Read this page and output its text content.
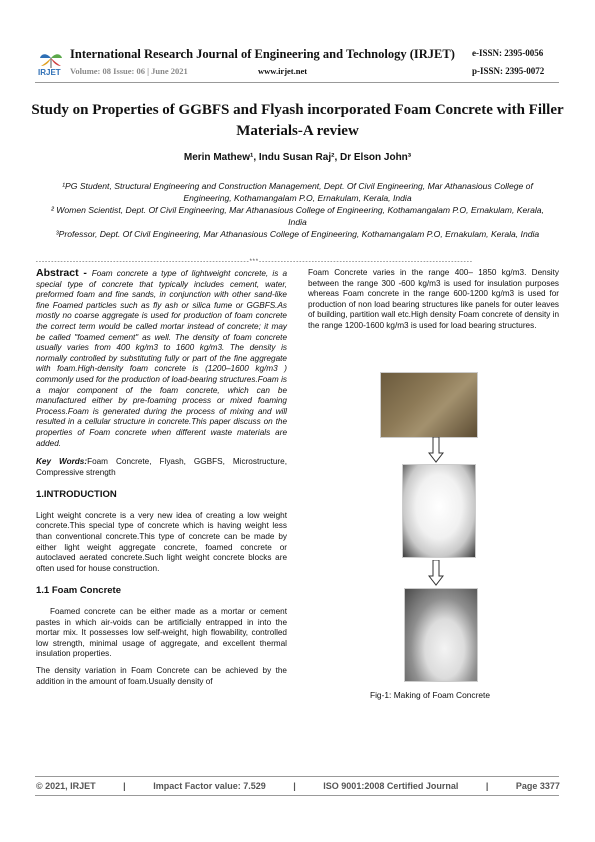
IRJET
International Research Journal of Engineering and Technology (IRJET) e-ISSN: 2395-0056
Volume: 08 Issue: 06 | June 2021	www.irjet.net	p-ISSN: 2395-0072
Study on Properties of GGBFS and Flyash incorporated Foam Concrete with Filler Materials-A review
Merin Mathew¹, Indu Susan Raj², Dr Elson John³

¹PG Student, Structural Engineering and Construction Management, Dept. Of Civil Engineering, Mar Athanasious College of Engineering, Kothamangalam P.O, Ernakulam, Kerala, India

² Women Scientist, Dept. Of Civil Engineering, Mar Athanasious College of Engineering, Kothamangalam P.O, Ernakulam, Kerala, India

³Professor, Dept. Of Civil Engineering, Mar Athanasious College of Engineering, Kothamangalam P.O, Ernakulam, Kerala, India

---------------------------------------------------------------------***---------------------------------------------------------------------

Abstract - Foam concrete a type of lightweight concrete, is a special type of concrete that typically includes cement, water, preformed foam and fine sands, in conjunction with other sand-like fine Foamed particles such as fly ash or silica fume or GGBFS.As mostly no coarse aggregate is used for production of foam concrete the correct term would be called mortar instead of concrete; it may be called "foamed cement" as well. The density of foam concrete usually varies from 400 kg/m3 to 1600 kg/m3. The density is normally controlled by substituting fully or part of the fine aggregate with foam.High-density foam concrete is (1200–1600 kg/m3 ) commonly used for the production of load-bearing structures.Foam is a major component of the foam concrete, which can be manufactured either by pre-foaming process or mixed foaming Process.Foam is generated during the process of mixing and will resulted in a cellular structure in concrete.This paper discuss on the properties of Foam concrete when different waste materials are added.

Key Words:Foam Concrete, Flyash, GGBFS, Microstructure, Compressive strength

1.INTRODUCTION

Light weight concrete is a very new idea of creating a low weight concrete.This special type of concrete which is having weight less than conventional concrete.This type of concrete can be made by either light weight aggregate concrete, foamed concrete or autoclaved aerated concrete.Such light weight concrete blocks are often used for house construction.

1.1 Foam Concrete

Foamed concrete can be either made as a mortar or cement pastes in which air-voids can be artificially entrapped in into the mortar mix. It possesses low self-weight, high flowability, controlled low strength, minimal usage of aggregate, and excellent thermal insulation properties.

The density variation in Foam Concrete can be achieved by the addition in the amount of foam.Usually density of

Foam Concrete varies in the range 400– 1850 kg/m3. Density between the range 300 -600 kg/m3 is used for insulation purposes whereas Foam concrete in the range 600-1200 kg/m3 is used for production of non load bearing structures like panels for outer leaves of building, partition wall etc.High density Foam concrete of density in the range 1200-1600 kg/m3 is used for load bearing structures.

Fig-1: Making of Foam Concrete
© 2021, IRJET	|	Impact Factor value: 7.529	|	ISO 9001:2008 Certified Journal	|	Page 3377
